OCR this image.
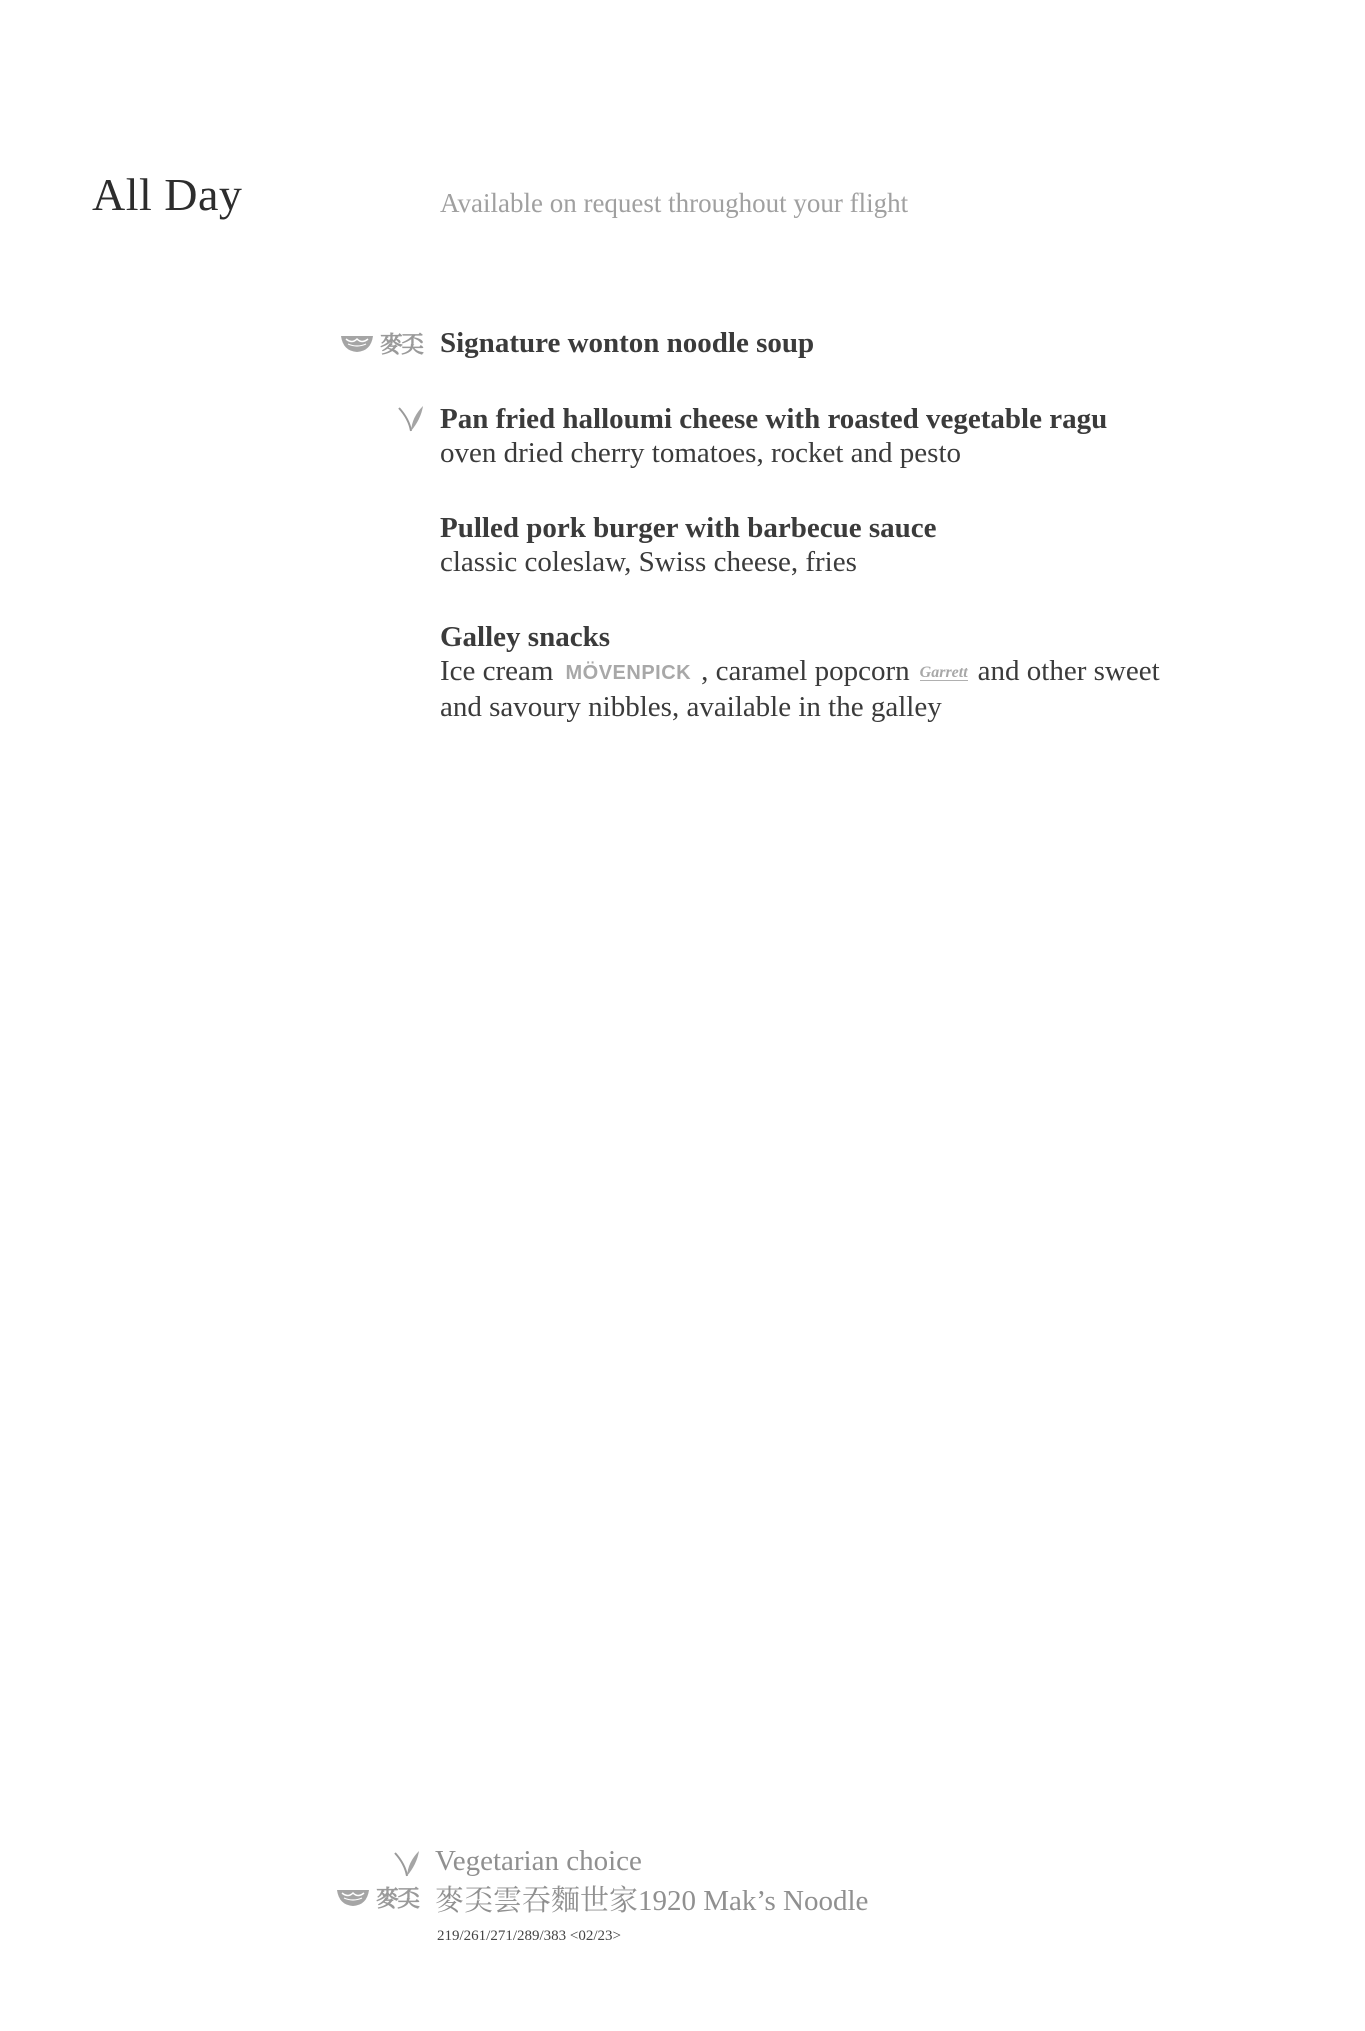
All Day	Available on request throughout your flight
麥奀 Signature wonton noodle soup
Pan fried halloumi cheese with roasted vegetable ragu
oven dried cherry tomatoes, rocket and pesto
Pulled pork burger with barbecue sauce
classic coleslaw, Swiss cheese, fries
Galley snacks
Ice cream MÖVENPICK , caramel popcorn Garrett and other sweet
and savoury nibbles, available in the galley
Vegetarian choice
麥奀 麥奀雲吞麵世家1920 Mak’s Noodle
219/261/271/289/383 <02/23>
